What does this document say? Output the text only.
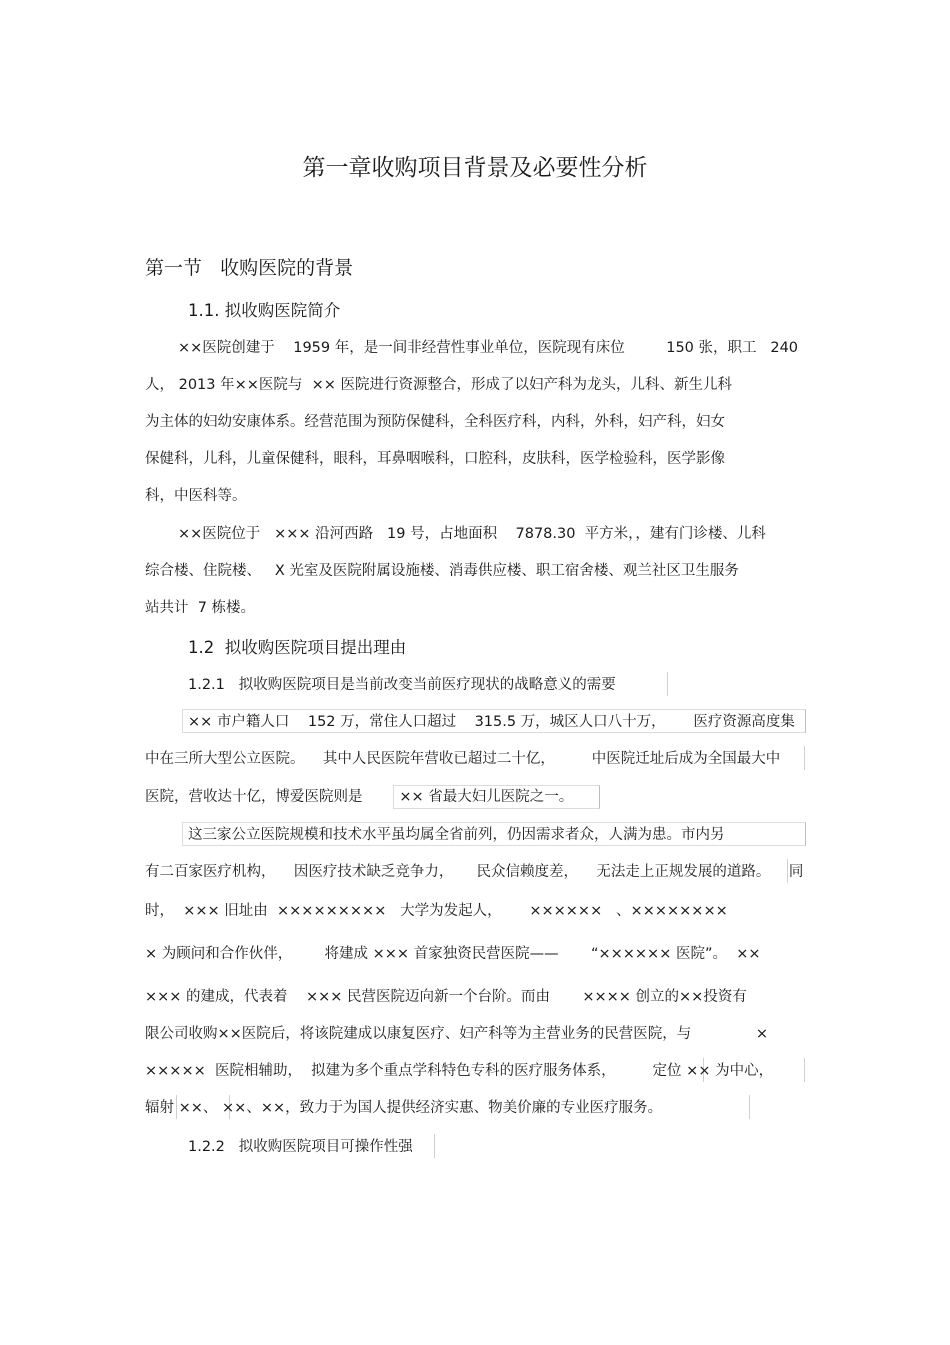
第一章收购项目背景及必要性分析
第一节   收购医院的背景
1.1. 拟收购医院简介
××医院创建于    1959 年，是一间非经营性事业单位，医院现有床位         150 张，职工   240
人， 2013 年××医院与  ×× 医院进行资源整合，形成了以妇产科为龙头，儿科、新生儿科
为主体的妇幼安康体系。经营范围为预防保健科，全科医疗科，内科，外科，妇产科，妇女
保健科，儿科，儿童保健科，眼科，耳鼻咽喉科，口腔科，皮肤科，医学检验科，医学影像
科，中医科等。
××医院位于   ××× 沿河西路   19 号，占地面积    7878.30  平方米，，建有门诊楼、儿科
综合楼、住院楼、   X 光室及医院附属设施楼、消毒供应楼、职工宿舍楼、观兰社区卫生服务
站共计  7 栋楼。
1.2  拟收购医院项目提出理由
1.2.1   拟收购医院项目是当前改变当前医疗现状的战略意义的需要
×× 市户籍人口    152 万，常住人口超过    315.5 万，城区人口八十万，      医疗资源高度集
中在三所大型公立医院。    其中人民医院年营收已超过二十亿，        中医院迁址后成为全国最大中
医院，营收达十亿，博爱医院则是        ×× 省最大妇儿医院之一。
这三家公立医院规模和技术水平虽均属全省前列，仍因需求者众，人满为患。市内另
有二百家医疗机构，    因医疗技术缺乏竞争力，     民众信赖度差，    无法走上正规发展的道路。    同
时，  ××× 旧址由  ×××××××××   大学为发起人，      ××××××   、××××××××
× 为顾问和合作伙伴，       将建成 ××× 首家独资民营医院——       “×××××× 医院”。  ××
××× 的建成，代表着    ××× 民营医院迈向新一个台阶。而由       ×××× 创立的××投资有
限公司收购××医院后，将该院建成以康复医疗、妇产科等为主营业务的民营医院，与              ×
×××××  医院相辅助，  拟建为多个重点学科特色专科的医疗服务体系，        定位 ×× 为中心，
辐射 ××、 ××、××，致力于为国人提供经济实惠、物美价廉的专业医疗服务。
1.2.2   拟收购医院项目可操作性强
